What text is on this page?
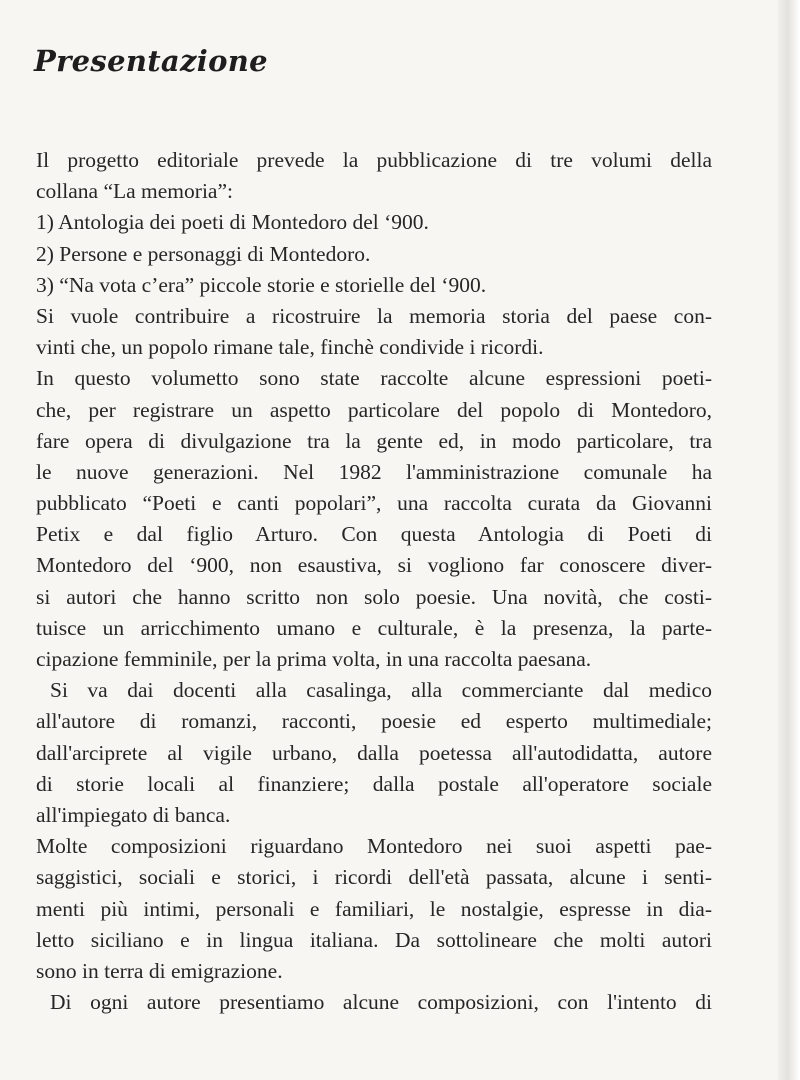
Presentazione
Il progetto editoriale prevede la pubblicazione di tre volumi della
collana “La memoria”:
1) Antologia dei poeti di Montedoro del ‘900.
2) Persone e personaggi di Montedoro.
3) “Na vota c’era” piccole storie e storielle del ‘900.
Si vuole contribuire a ricostruire la memoria storia del paese con-
vinti che, un popolo rimane tale, finchè condivide i ricordi.
In questo volumetto sono state raccolte alcune espressioni poeti-
che, per registrare un aspetto particolare del popolo di Montedoro,
fare opera di divulgazione tra la gente ed, in modo particolare, tra
le nuove generazioni. Nel 1982 l'amministrazione comunale ha
pubblicato “Poeti e canti popolari”, una raccolta curata da Giovanni
Petix e dal figlio Arturo. Con questa Antologia di Poeti di
Montedoro del ‘900, non esaustiva, si vogliono far conoscere diver-
si autori che hanno scritto non solo poesie. Una novità, che costi-
tuisce un arricchimento umano e culturale, è la presenza, la parte-
cipazione femminile, per la prima volta, in una raccolta paesana.
Si va dai docenti alla casalinga, alla commerciante dal medico
all'autore di romanzi, racconti, poesie ed esperto multimediale;
dall'arciprete al vigile urbano, dalla poetessa all'autodidatta, autore
di storie locali al finanziere; dalla postale all'operatore sociale
all'impiegato di banca.
Molte composizioni riguardano Montedoro nei suoi aspetti pae-
saggistici, sociali e storici, i ricordi dell'età passata, alcune i senti-
menti più intimi, personali e familiari, le nostalgie, espresse in dia-
letto siciliano e in lingua italiana. Da sottolineare che molti autori
sono in terra di emigrazione.
Di ogni autore presentiamo alcune composizioni, con l'intento di
